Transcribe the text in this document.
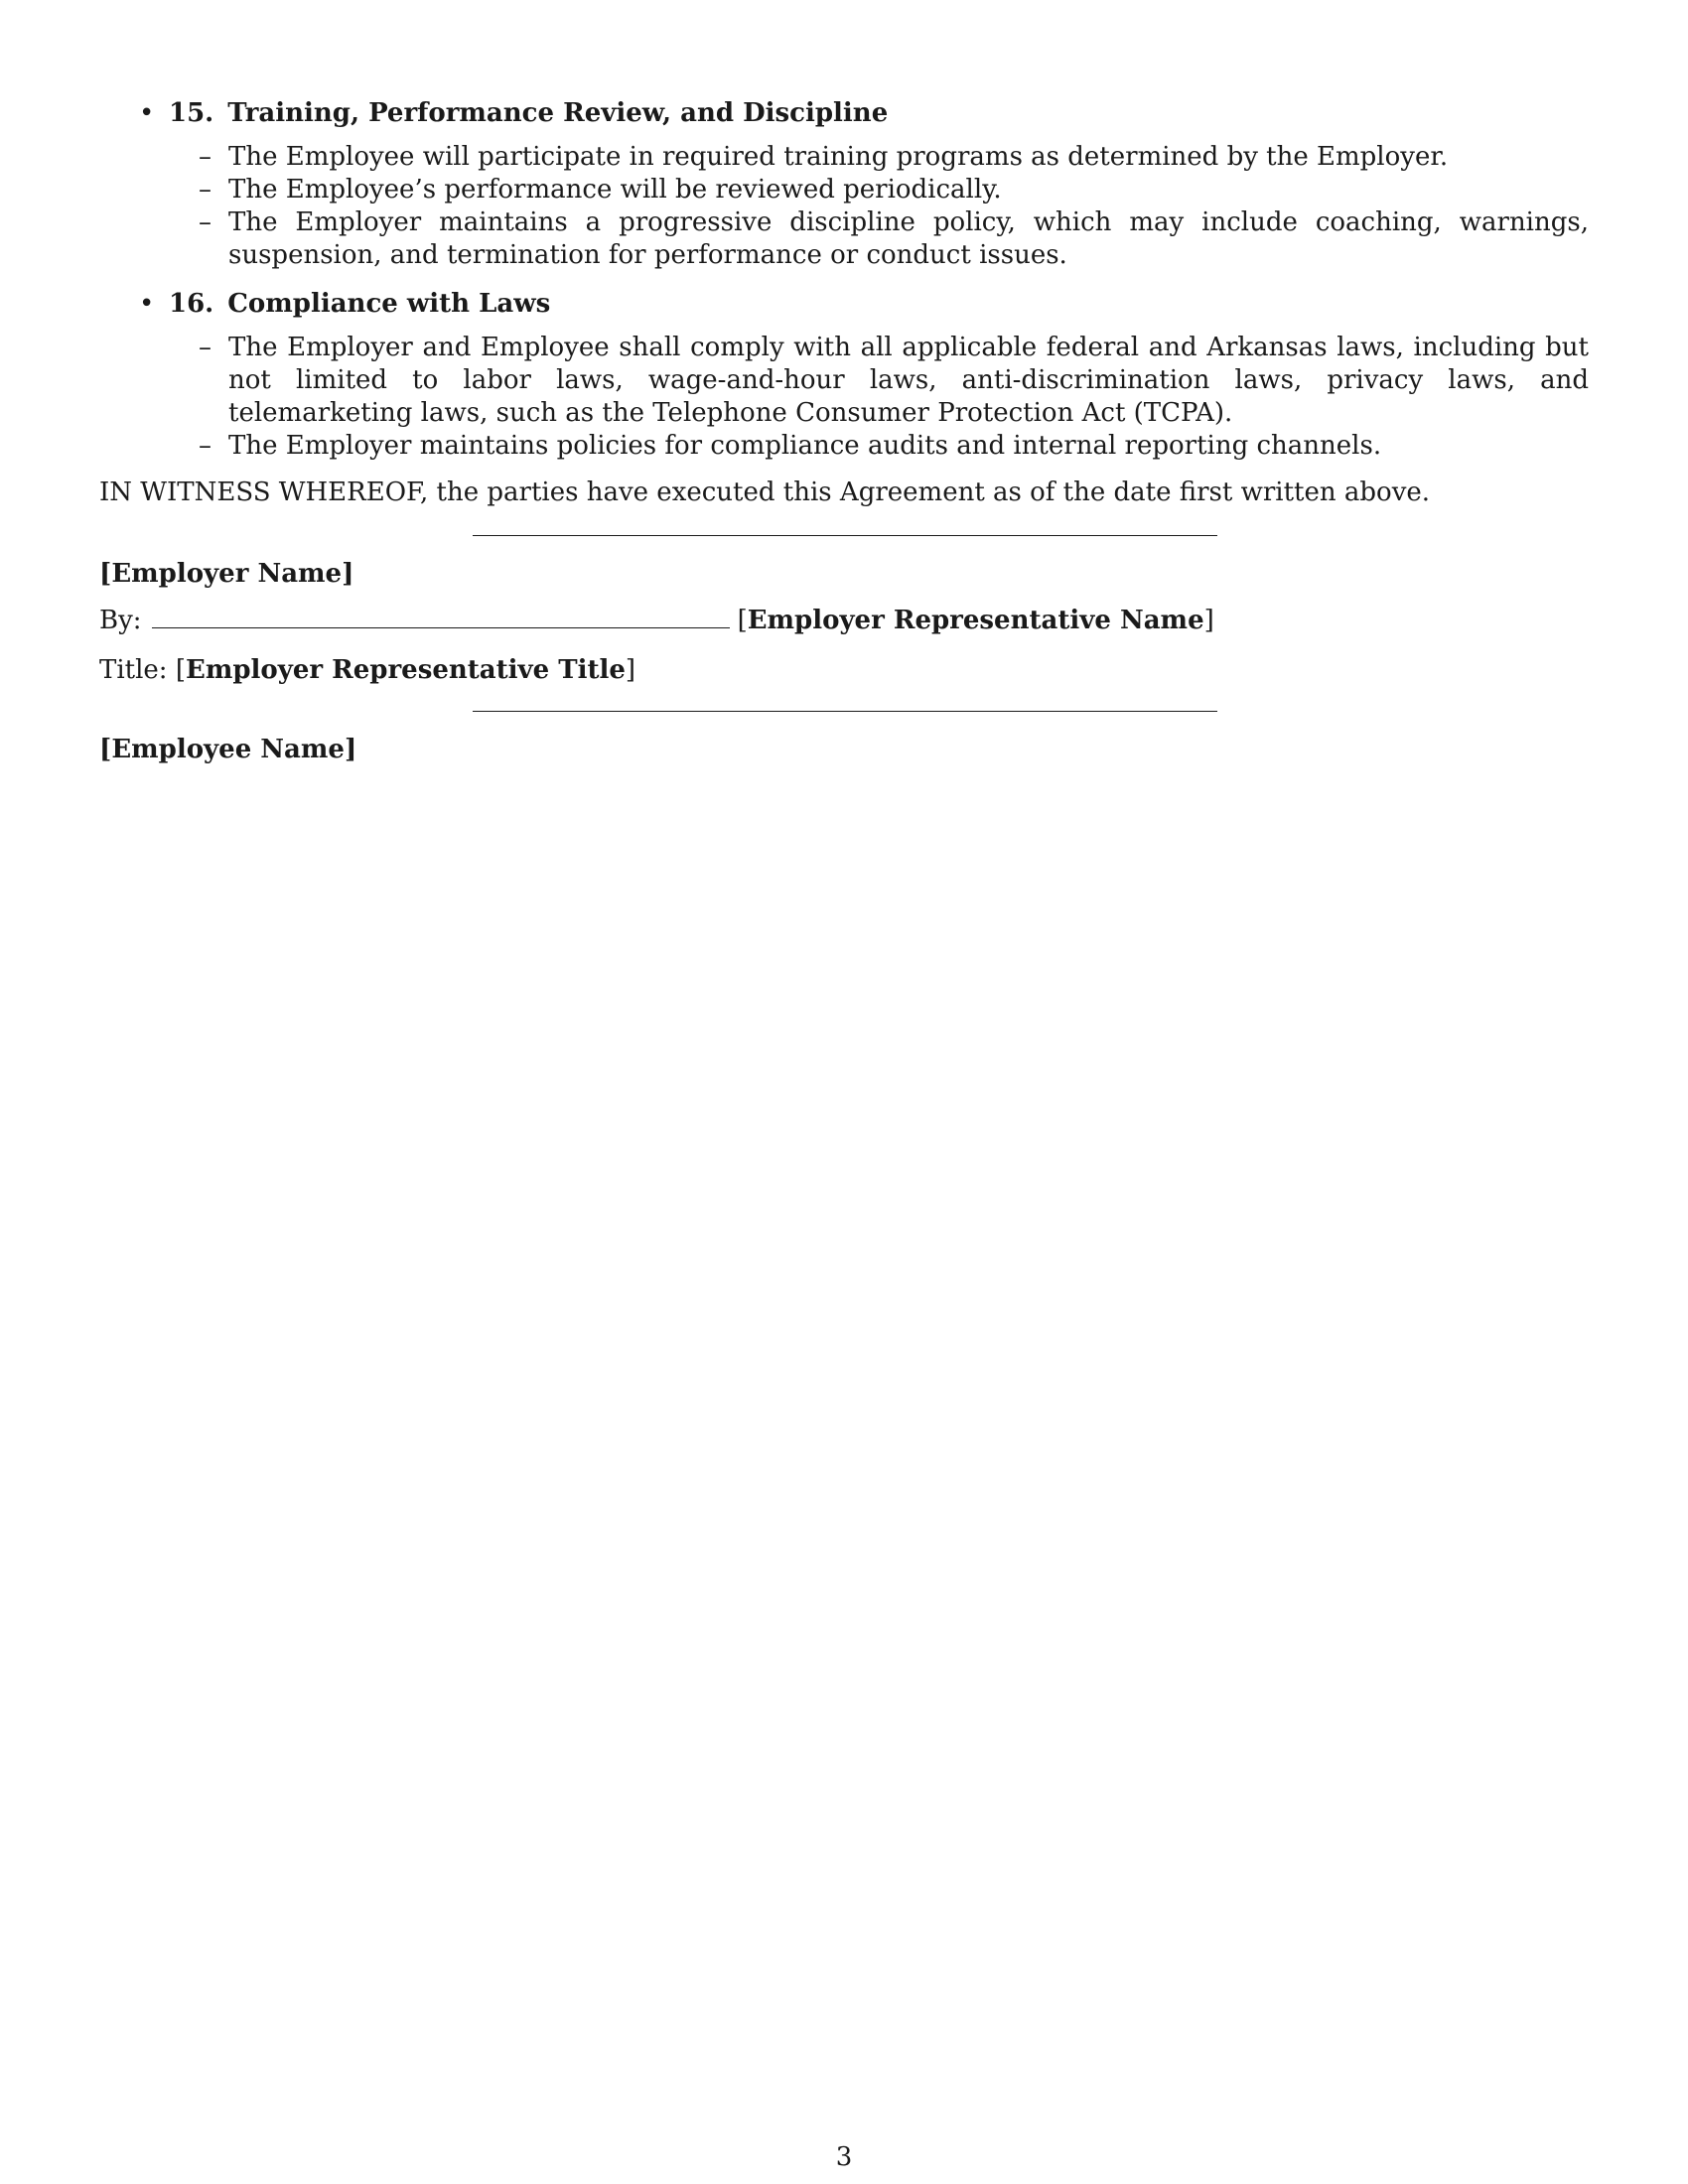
• 15. Training, Performance Review, and Discipline
– The Employee will participate in required training programs as determined by the Employer.
– The Employee’s performance will be reviewed periodically.
– The Employer maintains a progressive discipline policy, which may include coaching, warnings, suspension, and termination for performance or conduct issues.
• 16. Compliance with Laws
– The Employer and Employee shall comply with all applicable federal and Arkansas laws, including but not limited to labor laws, wage-and-hour laws, anti-discrimination laws, privacy laws, and telemarketing laws, such as the Telephone Consumer Protection Act (TCPA).
– The Employer maintains policies for compliance audits and internal reporting channels.
IN WITNESS WHEREOF, the parties have executed this Agreement as of the date first written above.
[Employer Name]
By:	[Employer Representative Name]
Title: [Employer Representative Title]
[Employee Name]
3
